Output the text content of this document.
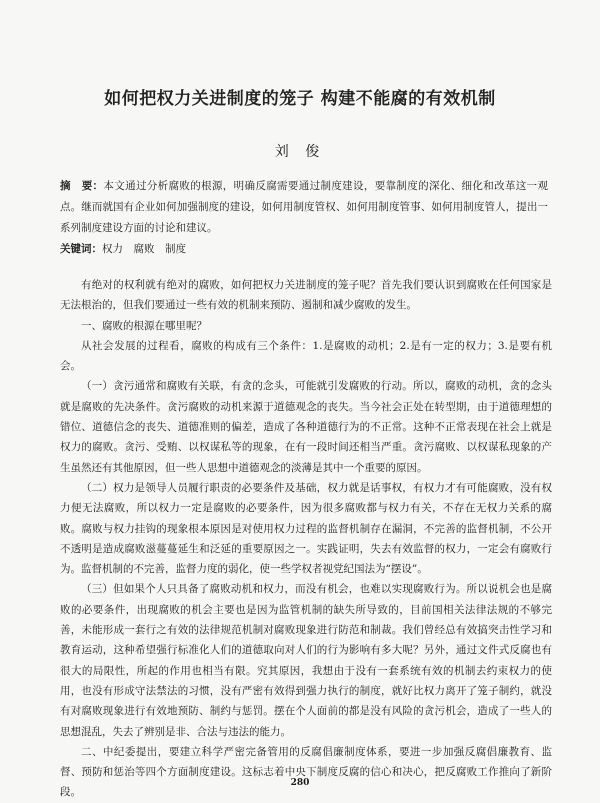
如何把权力关进制度的笼子 构建不能腐的有效机制
刘 俊
摘　要：本文通过分析腐败的根源，明确反腐需要通过制度建设，要靠制度的深化、细化和改革这一观点。继而就国有企业如何加强制度的建设，如何用制度管权、如何用制度管事、如何用制度管人，提出一系列制度建设方面的讨论和建议。
关键词：权力　腐败　制度

有绝对的权利就有绝对的腐败，如何把权力关进制度的笼子呢？首先我们要认识到腐败在任何国家是无法根治的，但我们要通过一些有效的机制来预防、遏制和减少腐败的发生。

一、腐败的根源在哪里呢？

从社会发展的过程看，腐败的构成有三个条件：1.是腐败的动机；2.是有一定的权力；3.是要有机会。

（一）贪污通常和腐败有关联，有贪的念头，可能就引发腐败的行动。所以，腐败的动机，贪的念头就是腐败的先决条件。贪污腐败的动机来源于道德观念的丧失。当今社会正处在转型期，由于道德理想的错位、道德信念的丧失、道德准则的偏差，造成了各种道德行为的不正常。这种不正常表现在社会上就是权力的腐败。贪污、受贿、以权谋私等的现象，在有一段时间还相当严重。贪污腐败、以权谋私现象的产生虽然还有其他原因，但一些人思想中道德观念的淡薄是其中一个重要的原因。

（二）权力是领导人员履行职责的必要条件及基础，权力就是话事权，有权力才有可能腐败，没有权力便无法腐败，所以权力一定是腐败的必要条件，因为很多腐败都与权力有关，不存在无权力关系的腐败。腐败与权力挂钩的现象根本原因是对使用权力过程的监督机制存在漏洞，不完善的监督机制，不公开不透明是造成腐败滋蔓蔓延生和泛延的重要原因之一。实践证明，失去有效监督的权力，一定会有腐败行为。监督机制的不完善，监督力度的弱化，使一些学权者视党纪国法为“摆设”。

（三）但如果个人只具备了腐败动机和权力，而没有机会，也难以实现腐败行为。所以说机会也是腐败的必要条件，出现腐败的机会主要也是因为监管机制的缺失所导致的，目前国相关法律法规的不够完善，未能形成一套行之有效的法律规范机制对腐败现象进行防范和制裁。我们曾经总有效搞突击性学习和教育运动，这种希望强行标准化人们的道德取向对人们的行为影响有多大呢？另外，通过文件式反腐也有很大的局限性，所起的作用也相当有限。究其原因，我想由于没有一套系统有效的机制去约束权力的使用，也没有形成守法禁法的习惯，没有严密有效得到强力执行的制度，就好比权力离开了笼子制约，就没有对腐败现象进行有效地预防、制约与惩罚。摆在个人面前的都是没有风险的贪污机会，造成了一些人的思想混乱，失去了辨别是非、合法与违法的能力。

二、中纪委提出，要建立科学严密完备管用的反腐倡廉制度体系，要进一步加强反腐倡廉教育、监督、预防和惩治等四个方面制度建设。这标志着中央下制度反腐的信心和决心，把反腐败工作推向了新阶段。

280
